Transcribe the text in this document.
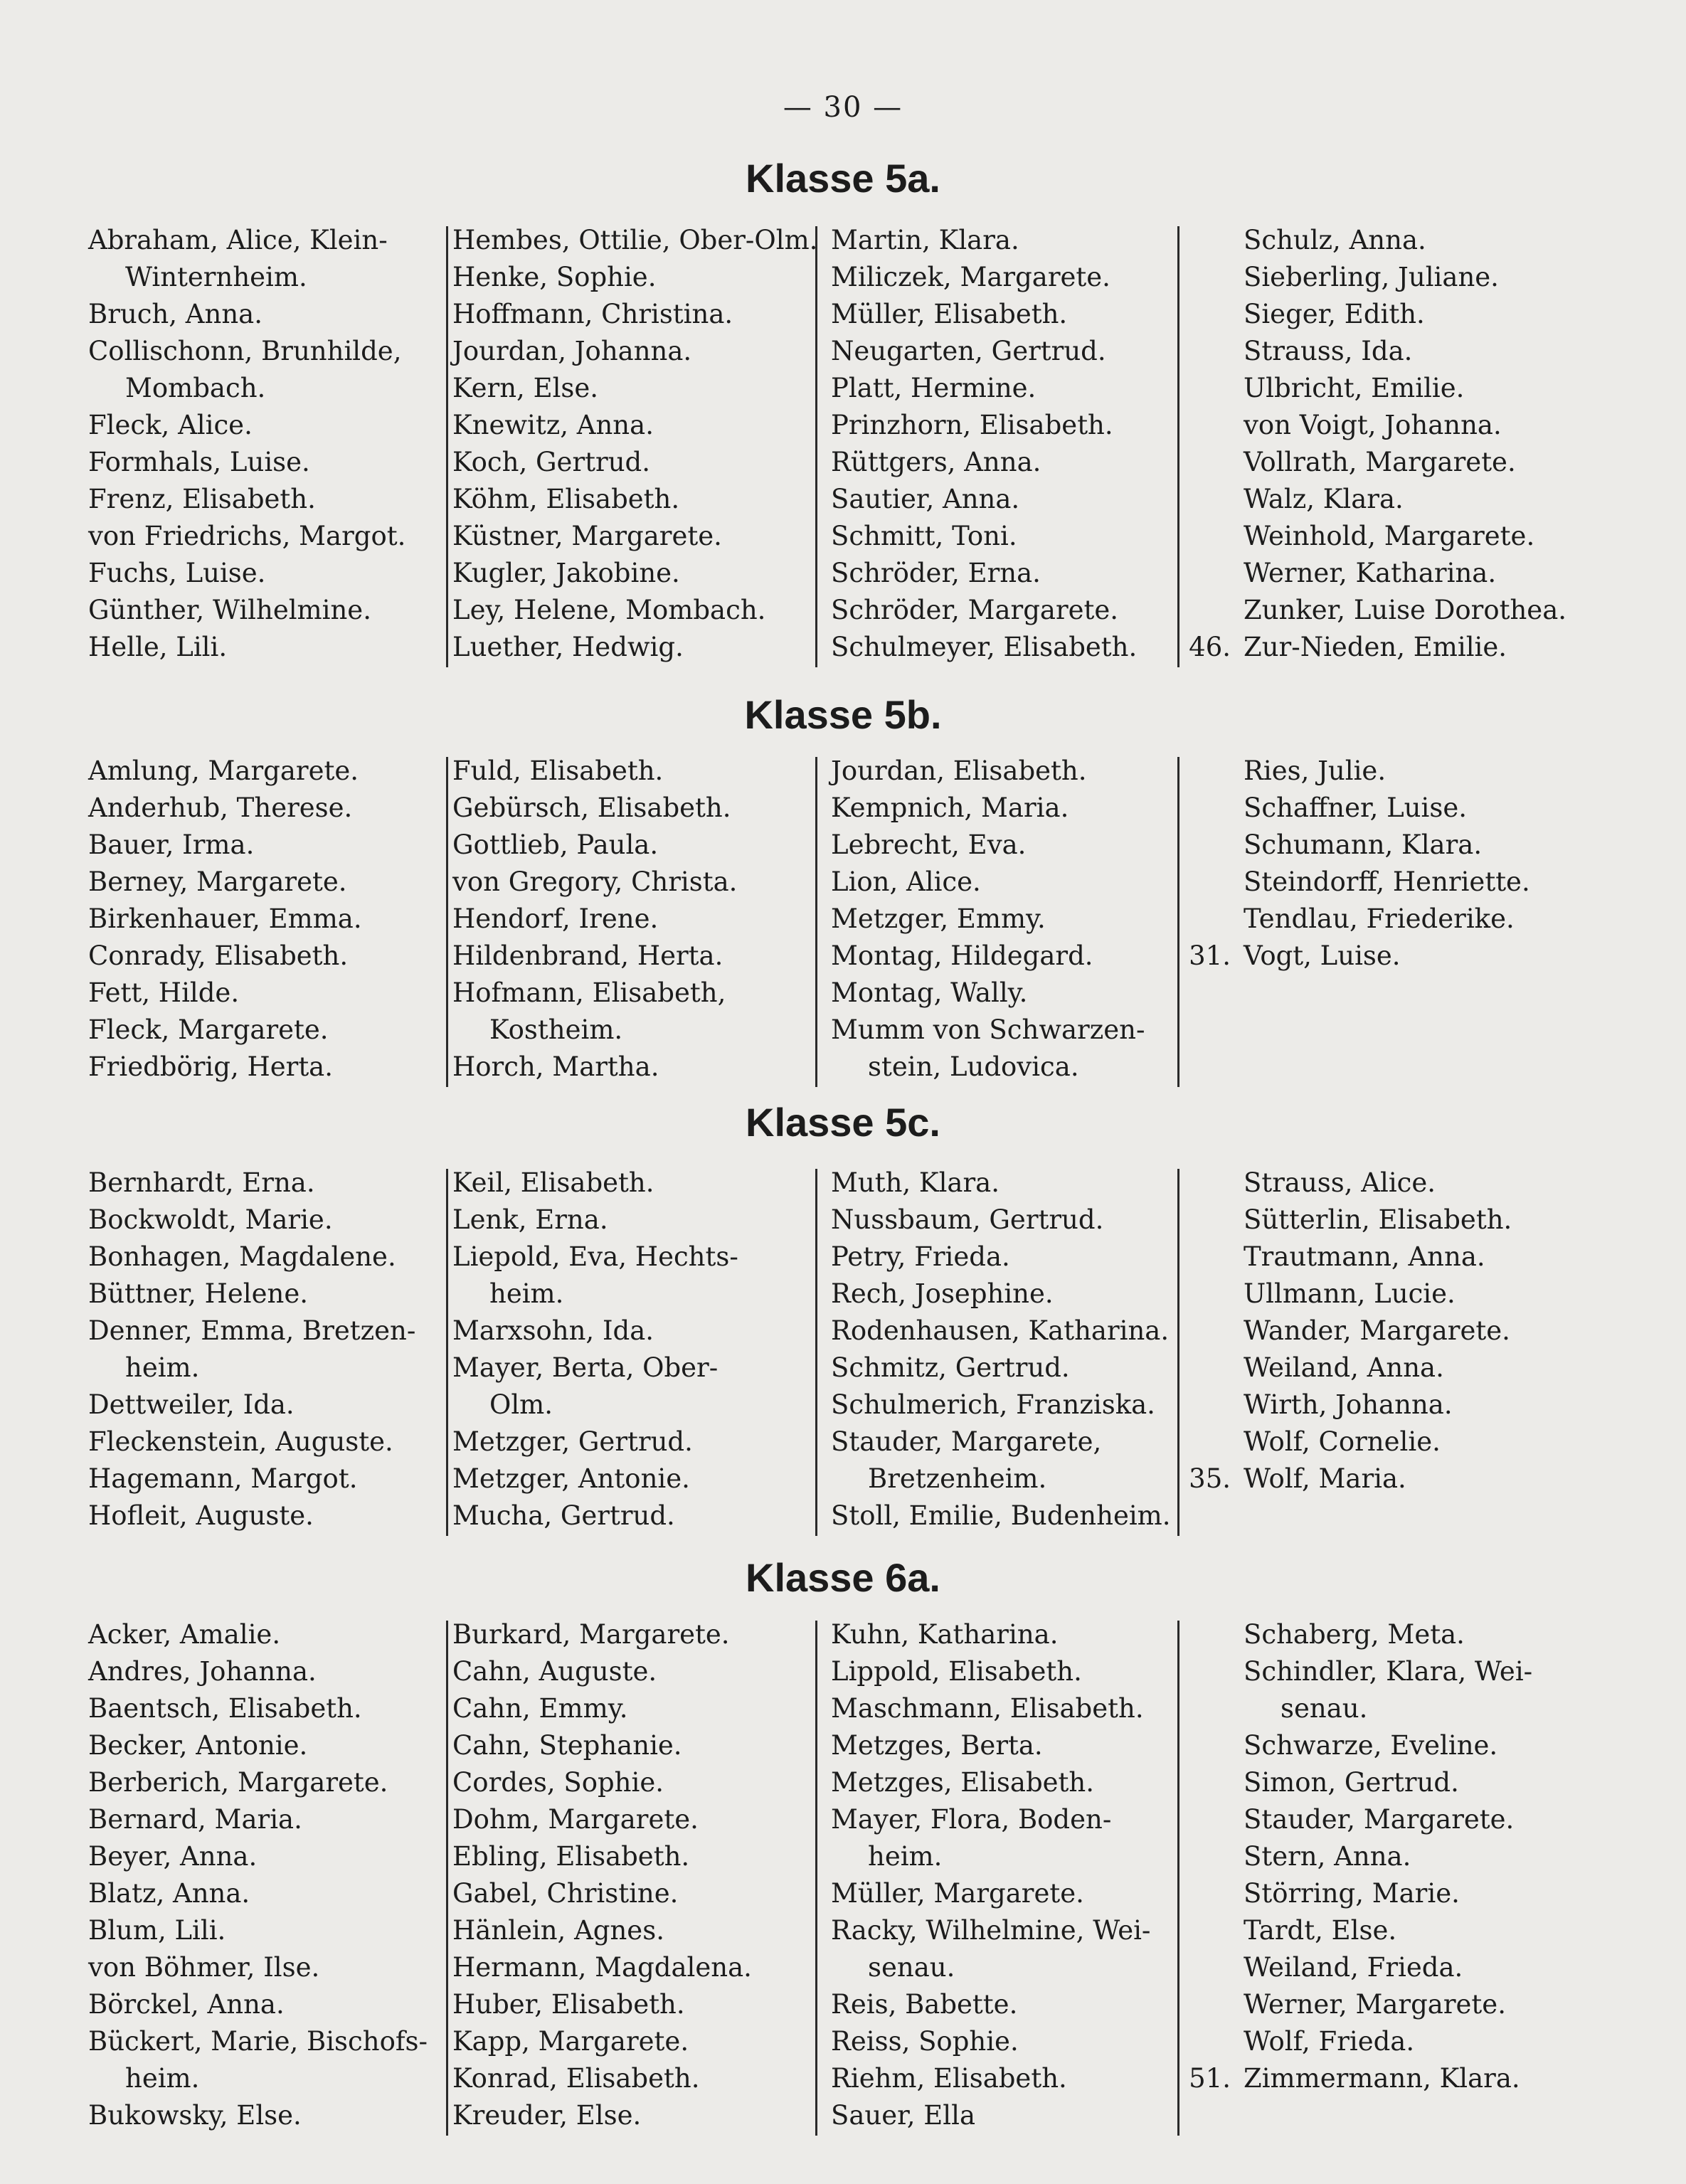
— 30 —
Klasse 5a.
Abraham, Alice, Klein-
Winternheim.
Bruch, Anna.
Collischonn, Brunhilde,
Mombach.
Fleck, Alice.
Formhals, Luise.
Frenz, Elisabeth.
von Friedrichs, Margot.
Fuchs, Luise.
Günther, Wilhelmine.
Helle, Lili.
Hembes, Ottilie, Ober-Olm.
Henke, Sophie.
Hoffmann, Christina.
Jourdan, Johanna.
Kern, Else.
Knewitz, Anna.
Koch, Gertrud.
Köhm, Elisabeth.
Küstner, Margarete.
Kugler, Jakobine.
Ley, Helene, Mombach.
Luether, Hedwig.
Martin, Klara.
Miliczek, Margarete.
Müller, Elisabeth.
Neugarten, Gertrud.
Platt, Hermine.
Prinzhorn, Elisabeth.
Rüttgers, Anna.
Sautier, Anna.
Schmitt, Toni.
Schröder, Erna.
Schröder, Margarete.
Schulmeyer, Elisabeth.
Schulz, Anna.
Sieberling, Juliane.
Sieger, Edith.
Strauss, Ida.
Ulbricht, Emilie.
von Voigt, Johanna.
Vollrath, Margarete.
Walz, Klara.
Weinhold, Margarete.
Werner, Katharina.
Zunker, Luise Dorothea.
Zur-Nieden, Emilie.
46.
Klasse 5b.
Amlung, Margarete.
Anderhub, Therese.
Bauer, Irma.
Berney, Margarete.
Birkenhauer, Emma.
Conrady, Elisabeth.
Fett, Hilde.
Fleck, Margarete.
Friedbörig, Herta.
Fuld, Elisabeth.
Gebürsch, Elisabeth.
Gottlieb, Paula.
von Gregory, Christa.
Hendorf, Irene.
Hildenbrand, Herta.
Hofmann, Elisabeth,
Kostheim.
Horch, Martha.
Jourdan, Elisabeth.
Kempnich, Maria.
Lebrecht, Eva.
Lion, Alice.
Metzger, Emmy.
Montag, Hildegard.
Montag, Wally.
Mumm von Schwarzen-
stein, Ludovica.
Ries, Julie.
Schaffner, Luise.
Schumann, Klara.
Steindorff, Henriette.
Tendlau, Friederike.
Vogt, Luise.
31.
Klasse 5c.
Bernhardt, Erna.
Bockwoldt, Marie.
Bonhagen, Magdalene.
Büttner, Helene.
Denner, Emma, Bretzen-
heim.
Dettweiler, Ida.
Fleckenstein, Auguste.
Hagemann, Margot.
Hofleit, Auguste.
Keil, Elisabeth.
Lenk, Erna.
Liepold, Eva, Hechts-
heim.
Marxsohn, Ida.
Mayer, Berta, Ober-
Olm.
Metzger, Gertrud.
Metzger, Antonie.
Mucha, Gertrud.
Muth, Klara.
Nussbaum, Gertrud.
Petry, Frieda.
Rech, Josephine.
Rodenhausen, Katharina.
Schmitz, Gertrud.
Schulmerich, Franziska.
Stauder, Margarete,
Bretzenheim.
Stoll, Emilie, Budenheim.
Strauss, Alice.
Sütterlin, Elisabeth.
Trautmann, Anna.
Ullmann, Lucie.
Wander, Margarete.
Weiland, Anna.
Wirth, Johanna.
Wolf, Cornelie.
Wolf, Maria.
35.
Klasse 6a.
Acker, Amalie.
Andres, Johanna.
Baentsch, Elisabeth.
Becker, Antonie.
Berberich, Margarete.
Bernard, Maria.
Beyer, Anna.
Blatz, Anna.
Blum, Lili.
von Böhmer, Ilse.
Börckel, Anna.
Bückert, Marie, Bischofs-
heim.
Bukowsky, Else.
Burkard, Margarete.
Cahn, Auguste.
Cahn, Emmy.
Cahn, Stephanie.
Cordes, Sophie.
Dohm, Margarete.
Ebling, Elisabeth.
Gabel, Christine.
Hänlein, Agnes.
Hermann, Magdalena.
Huber, Elisabeth.
Kapp, Margarete.
Konrad, Elisabeth.
Kreuder, Else.
Kuhn, Katharina.
Lippold, Elisabeth.
Maschmann, Elisabeth.
Metzges, Berta.
Metzges, Elisabeth.
Mayer, Flora, Boden-
heim.
Müller, Margarete.
Racky, Wilhelmine, Wei-
senau.
Reis, Babette.
Reiss, Sophie.
Riehm, Elisabeth.
Sauer, Ella
Schaberg, Meta.
Schindler, Klara, Wei-
senau.
Schwarze, Eveline.
Simon, Gertrud.
Stauder, Margarete.
Stern, Anna.
Störring, Marie.
Tardt, Else.
Weiland, Frieda.
Werner, Margarete.
Wolf, Frieda.
Zimmermann, Klara.
51.
